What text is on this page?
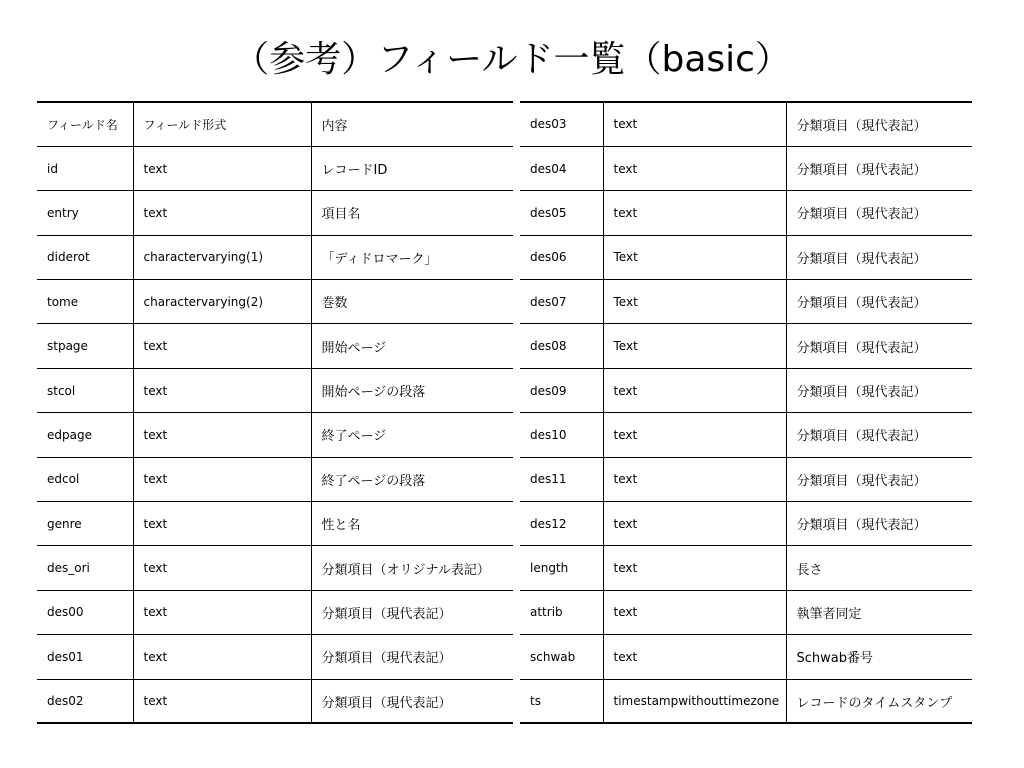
（参考）フィールド一覧（basic）
フィールド名	フィールド形式	内容
id	text	レコードID
entry	text	項目名
diderot	charactervarying(1)	「ディドロマーク」
tome	charactervarying(2)	巻数
stpage	text	開始ページ
stcol	text	開始ページの段落
edpage	text	終了ページ
edcol	text	終了ページの段落
genre	text	性と名
des_ori	text	分類項目（オリジナル表記）
des00	text	分類項目（現代表記）
des01	text	分類項目（現代表記）
des02	text	分類項目（現代表記）
des03	text	分類項目（現代表記）
des04	text	分類項目（現代表記）
des05	text	分類項目（現代表記）
des06	Text	分類項目（現代表記）
des07	Text	分類項目（現代表記）
des08	Text	分類項目（現代表記）
des09	text	分類項目（現代表記）
des10	text	分類項目（現代表記）
des11	text	分類項目（現代表記）
des12	text	分類項目（現代表記）
length	text	長さ
attrib	text	執筆者同定
schwab	text	Schwab番号
ts	timestampwithouttimezone	レコードのタイムスタンプ
